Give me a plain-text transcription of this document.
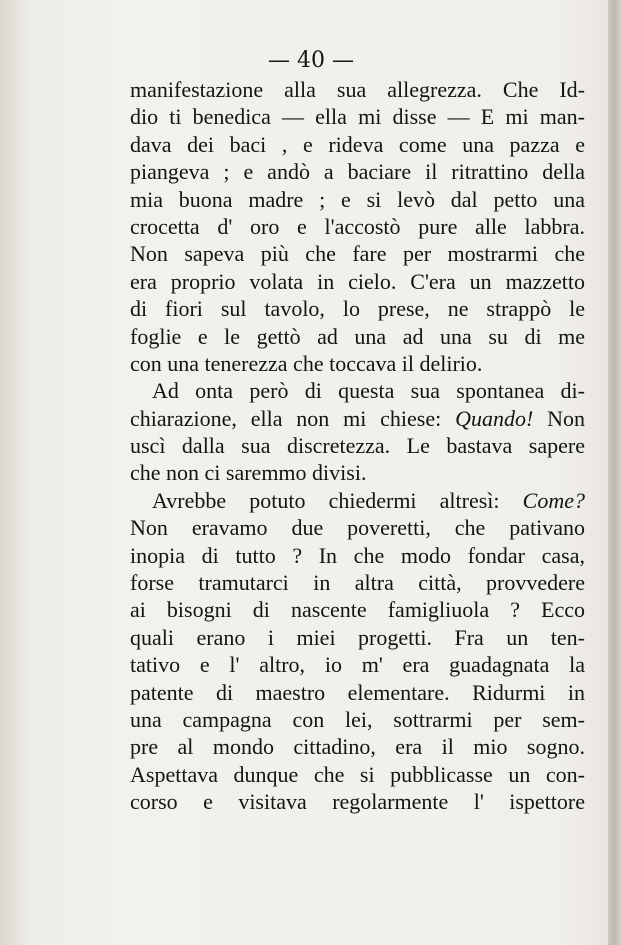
— 40 —
manifestazione alla sua allegrezza. Che Id-
dio ti benedica — ella mi disse — E mi man-
dava dei baci , e rideva come una pazza e
piangeva ; e andò a baciare il ritrattino della
mia buona madre ; e si levò dal petto una
crocetta d' oro e l'accostò pure alle labbra.
Non sapeva più che fare per mostrarmi che
era proprio volata in cielo. C'era un mazzetto
di fiori sul tavolo, lo prese, ne strappò le
foglie e le gettò ad una ad una su di me
con una tenerezza che toccava il delirio.
Ad onta però di questa sua spontanea di-
chiarazione, ella non mi chiese: Quando! Non
uscì dalla sua discretezza. Le bastava sapere
che non ci saremmo divisi.
Avrebbe potuto chiedermi altresì: Come?
Non eravamo due poveretti, che pativano
inopia di tutto ? In che modo fondar casa,
forse tramutarci in altra città, provvedere
ai bisogni di nascente famigliuola ? Ecco
quali erano i miei progetti. Fra un ten-
tativo e l' altro, io m' era guadagnata la
patente di maestro elementare. Ridurmi in
una campagna con lei, sottrarmi per sem-
pre al mondo cittadino, era il mio sogno.
Aspettava dunque che si pubblicasse un con-
corso e visitava regolarmente l' ispettore
